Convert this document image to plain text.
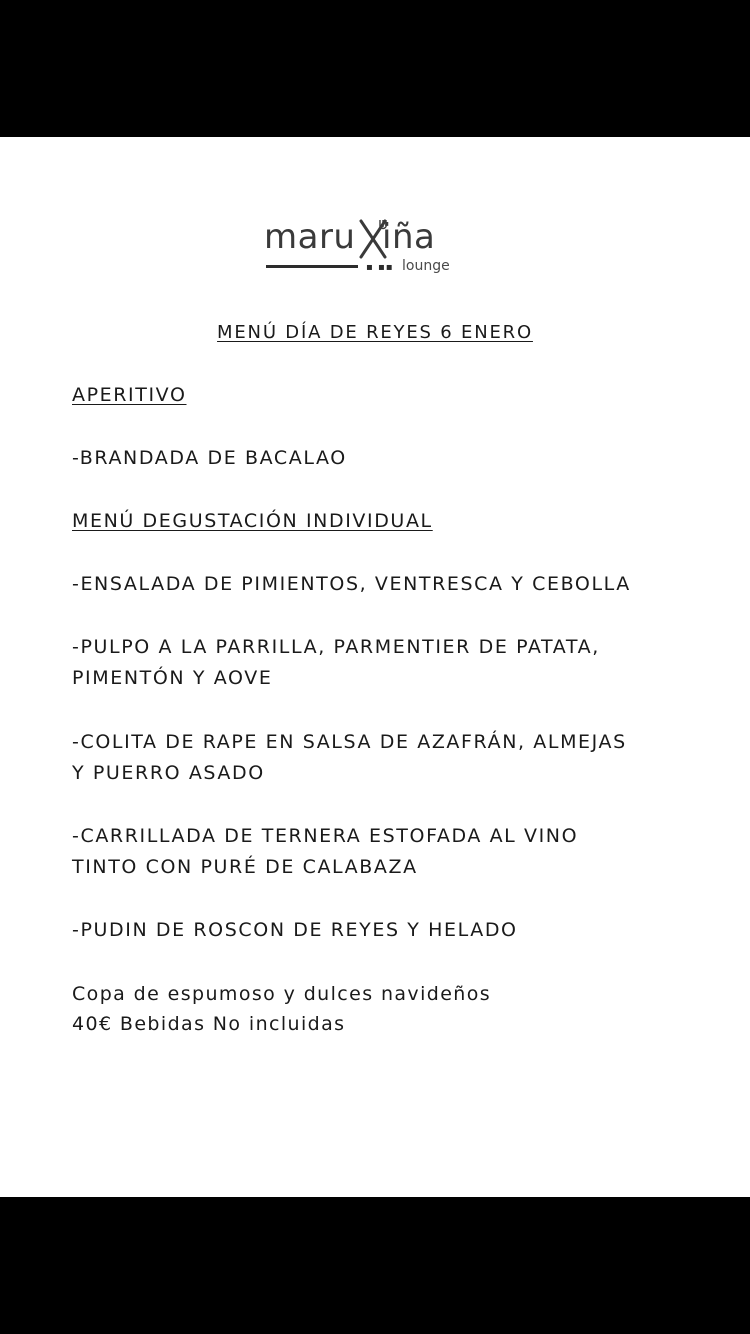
maru iña
▪ ▪▪ lounge

MENÚ DÍA DE REYES 6 ENERO

APERITIVO

-BRANDADA DE BACALAO

MENÚ DEGUSTACIÓN INDIVIDUAL

-ENSALADA DE PIMIENTOS, VENTRESCA Y CEBOLLA

-PULPO A LA PARRILLA, PARMENTIER DE PATATA,

PIMENTÓN Y AOVE

-COLITA DE RAPE EN SALSA DE AZAFRÁN, ALMEJAS

Y PUERRO ASADO

-CARRILLADA DE TERNERA ESTOFADA AL VINO

TINTO CON PURÉ DE CALABAZA

-PUDIN DE ROSCON DE REYES Y HELADO

Copa de espumoso y dulces navideños

40€ Bebidas No incluidas
